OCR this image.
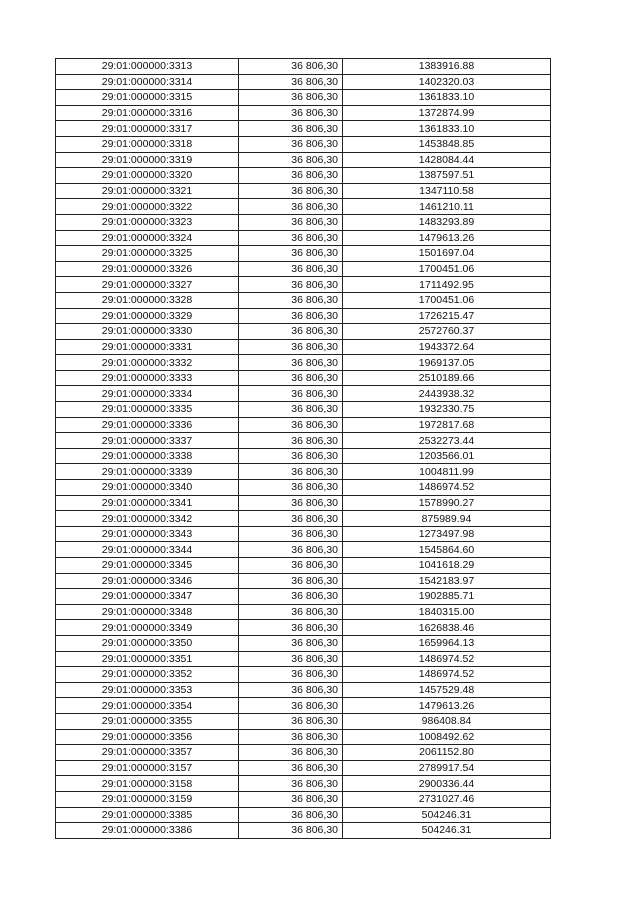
29:01:000000:3313	36 806,30	1383916.88
29:01:000000:3314	36 806,30	1402320.03
29:01:000000:3315	36 806,30	1361833.10
29:01:000000:3316	36 806,30	1372874.99
29:01:000000:3317	36 806,30	1361833.10
29:01:000000:3318	36 806,30	1453848.85
29:01:000000:3319	36 806,30	1428084.44
29:01:000000:3320	36 806,30	1387597.51
29:01:000000:3321	36 806,30	1347110.58
29:01:000000:3322	36 806,30	1461210.11
29:01:000000:3323	36 806,30	1483293.89
29:01:000000:3324	36 806,30	1479613.26
29:01:000000:3325	36 806,30	1501697.04
29:01:000000:3326	36 806,30	1700451.06
29:01:000000:3327	36 806,30	1711492.95
29:01:000000:3328	36 806,30	1700451.06
29:01:000000:3329	36 806,30	1726215.47
29:01:000000:3330	36 806,30	2572760.37
29:01:000000:3331	36 806,30	1943372.64
29:01:000000:3332	36 806,30	1969137.05
29:01:000000:3333	36 806,30	2510189.66
29:01:000000:3334	36 806,30	2443938.32
29:01:000000:3335	36 806,30	1932330.75
29:01:000000:3336	36 806,30	1972817.68
29:01:000000:3337	36 806,30	2532273.44
29:01:000000:3338	36 806,30	1203566.01
29:01:000000:3339	36 806,30	1004811.99
29:01:000000:3340	36 806,30	1486974.52
29:01:000000:3341	36 806,30	1578990.27
29:01:000000:3342	36 806,30	875989.94
29:01:000000:3343	36 806,30	1273497.98
29:01:000000:3344	36 806,30	1545864.60
29:01:000000:3345	36 806,30	1041618.29
29:01:000000:3346	36 806,30	1542183.97
29:01:000000:3347	36 806,30	1902885.71
29:01:000000:3348	36 806,30	1840315.00
29:01:000000:3349	36 806,30	1626838.46
29:01:000000:3350	36 806,30	1659964.13
29:01:000000:3351	36 806,30	1486974.52
29:01:000000:3352	36 806,30	1486974.52
29:01:000000:3353	36 806,30	1457529.48
29:01:000000:3354	36 806,30	1479613.26
29:01:000000:3355	36 806,30	986408.84
29:01:000000:3356	36 806,30	1008492.62
29:01:000000:3357	36 806,30	2061152.80
29:01:000000:3157	36 806,30	2789917.54
29:01:000000:3158	36 806,30	2900336.44
29:01:000000:3159	36 806,30	2731027.46
29:01:000000:3385	36 806,30	504246.31
29:01:000000:3386	36 806,30	504246.31
